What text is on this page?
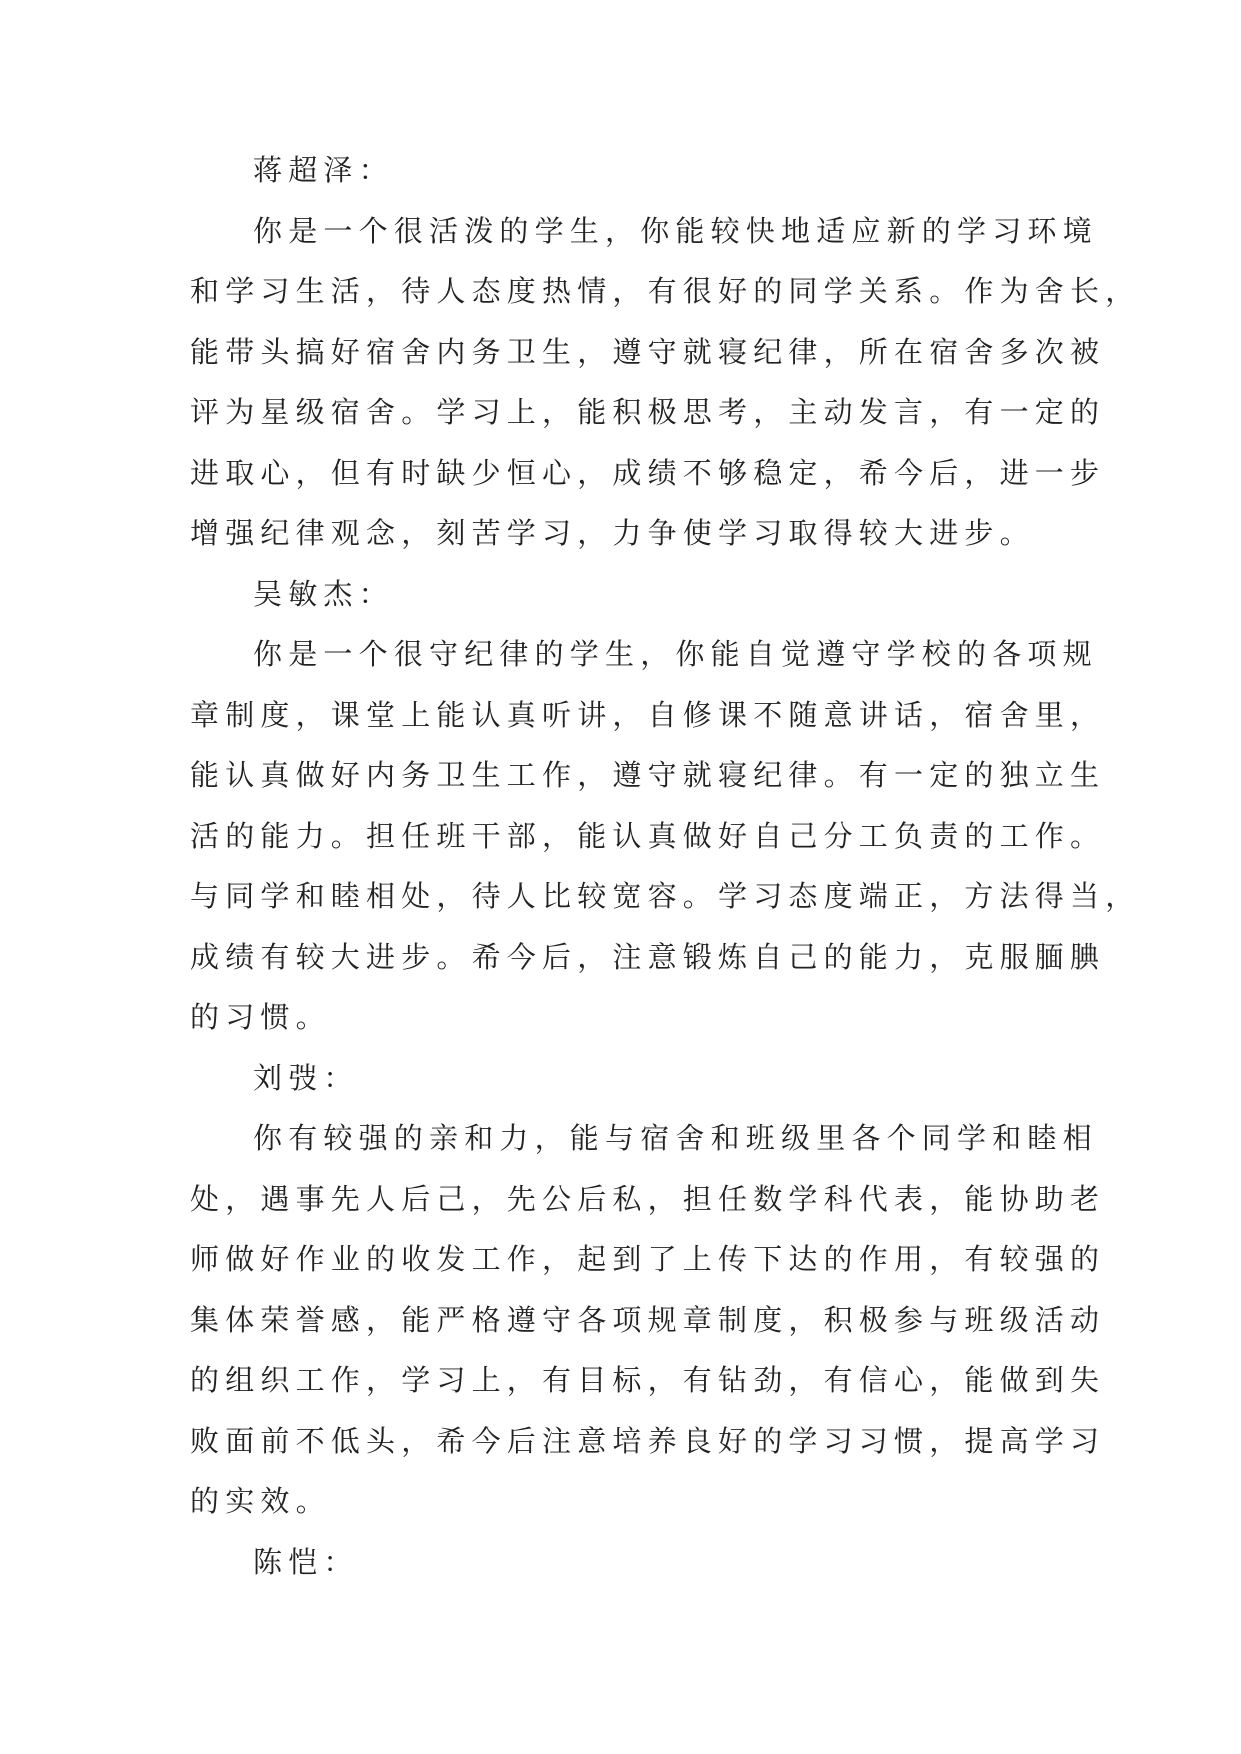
蒋超泽：
你是一个很活泼的学生，你能较快地适应新的学习环境
和学习生活，待人态度热情，有很好的同学关系。作为舍长，
能带头搞好宿舍内务卫生，遵守就寝纪律，所在宿舍多次被
评为星级宿舍。学习上，能积极思考，主动发言，有一定的
进取心，但有时缺少恒心，成绩不够稳定，希今后，进一步
增强纪律观念，刻苦学习，力争使学习取得较大进步。
吴敏杰：
你是一个很守纪律的学生，你能自觉遵守学校的各项规
章制度，课堂上能认真听讲，自修课不随意讲话，宿舍里，
能认真做好内务卫生工作，遵守就寝纪律。有一定的独立生
活的能力。担任班干部，能认真做好自己分工负责的工作。
与同学和睦相处，待人比较宽容。学习态度端正，方法得当，
成绩有较大进步。希今后，注意锻炼自己的能力，克服腼腆
的习惯。
刘弢：
你有较强的亲和力，能与宿舍和班级里各个同学和睦相
处，遇事先人后己，先公后私，担任数学科代表，能协助老
师做好作业的收发工作，起到了上传下达的作用，有较强的
集体荣誉感，能严格遵守各项规章制度，积极参与班级活动
的组织工作，学习上，有目标，有钻劲，有信心，能做到失
败面前不低头，希今后注意培养良好的学习习惯，提高学习
的实效。
陈恺：
